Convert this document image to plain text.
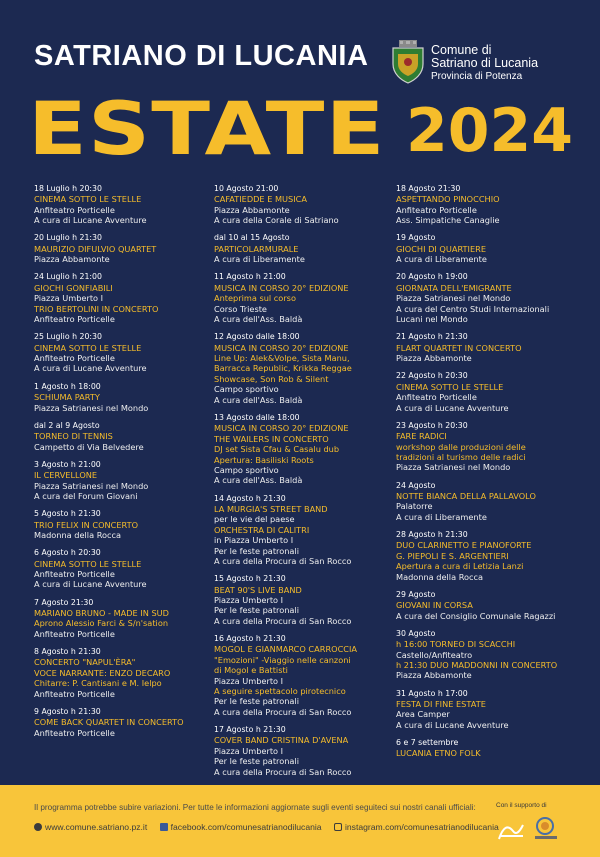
SATRIANO DI LUCANIA	Comune di
Satriano di Lucania
Provincia di Potenza
ESTATE 2024
18 Luglio h 20:30
CINEMA SOTTO LE STELLE
Anfiteatro Porticelle
A cura di Lucane Avventure
20 Luglio h 21:30
MAURIZIO DIFULVIO QUARTET
Piazza Abbamonte
24 Luglio h 21:00
GIOCHI GONFIABILI
Piazza Umberto I
TRIO BERTOLINI IN CONCERTO
Anfiteatro Porticelle
25 Luglio h 20:30
CINEMA SOTTO LE STELLE
Anfiteatro Porticelle
A cura di Lucane Avventure
1 Agosto h 18:00
SCHIUMA PARTY
Piazza Satrianesi nel Mondo
dal 2 al 9 Agosto
TORNEO DI TENNIS
Campetto di Via Belvedere
3 Agosto h 21:00
IL CERVELLONE
Piazza Satrianesi nel Mondo
A cura del Forum Giovani
5 Agosto h 21:30
TRIO FELIX IN CONCERTO
Madonna della Rocca
6 Agosto h 20:30
CINEMA SOTTO LE STELLE
Anfiteatro Porticelle
A cura di Lucane Avventure
7 Agosto 21:30
MARIANO BRUNO - MADE IN SUD
Aprono Alessio Farci & S/n'sation
Anfiteatro Porticelle
8 Agosto h 21:30
CONCERTO "NAPUL'ÈRA"
VOCE NARRANTE: ENZO DECARO
Chitarre: P. Cantisani e M. Ielpo
Anfiteatro Porticelle
9 Agosto h 21:30
COME BACK QUARTET IN CONCERTO
Anfiteatro Porticelle
10 Agosto 21:00
CAFATIEDDE E MUSICA
Piazza Abbamonte
A cura della Corale di Satriano
dal 10 al 15 Agosto
PARTICOLARMURALE
A cura di Liberamente
11 Agosto h 21:00
MUSICA IN CORSO 20° EDIZIONE
Anteprima sul corso
Corso Trieste
A cura dell'Ass. Baldà
12 Agosto dalle 18:00
MUSICA IN CORSO 20° EDIZIONE
Line Up: Alek&Volpe, Sista Manu,
Barracca Republic, Krikka Reggae
Showcase, Son Rob & Silent
Campo sportivo
A cura dell'Ass. Baldà
13 Agosto dalle 18:00
MUSICA IN CORSO 20° EDIZIONE
THE WAILERS IN CONCERTO
DJ set Sista Cfau & Casalu dub
Apertura: Basiliski Roots
Campo sportivo
A cura dell'Ass. Baldà
14 Agosto h 21:30
LA MURGIA'S STREET BAND
per le vie del paese
ORCHESTRA DI CALITRI
in Piazza Umberto I
Per le feste patronali
A cura della Procura di San Rocco
15 Agosto h 21:30
BEAT 90'S LIVE BAND
Piazza Umberto I
Per le feste patronali
A cura della Procura di San Rocco
16 Agosto h 21:30
MOGOL E GIANMARCO CARROCCIA
"Emozioni" -Viaggio nelle canzoni
di Mogol e Battisti
Piazza Umberto I
A seguire spettacolo pirotecnico
Per le feste patronali
A cura della Procura di San Rocco
17 Agosto h 21:30
COVER BAND CRISTINA D'AVENA
Piazza Umberto I
Per le feste patronali
A cura della Procura di San Rocco
18 Agosto 21:30
ASPETTANDO PINOCCHIO
Anfiteatro Porticelle
Ass. Simpatiche Canaglie
19 Agosto
GIOCHI DI QUARTIERE
A cura di Liberamente
20 Agosto h 19:00
GIORNATA DELL'EMIGRANTE
Piazza Satrianesi nel Mondo
A cura del Centro Studi Internazionali
Lucani nel Mondo
21 Agosto h 21:30
FLART QUARTET IN CONCERTO
Piazza Abbamonte
22 Agosto h 20:30
CINEMA SOTTO LE STELLE
Anfiteatro Porticelle
A cura di Lucane Avventure
23 Agosto h 20:30
FARE RADICI
workshop dalle produzioni delle
tradizioni al turismo delle radici
Piazza Satrianesi nel Mondo
24 Agosto
NOTTE BIANCA DELLA PALLAVOLO
Palatorre
A cura di Liberamente
28 Agosto h 21:30
DUO CLARINETTO E PIANOFORTE
G. PIEPOLI E S. ARGENTIERI
Apertura a cura di Letizia Lanzi
Madonna della Rocca
29 Agosto
GIOVANI IN CORSA
A cura del Consiglio Comunale Ragazzi
30 Agosto
h 16:00 TORNEO DI SCACCHI
Castello/Anfiteatro
h 21:30 DUO MADDONNI IN CONCERTO
Piazza Abbamonte
31 Agosto h 17:00
FESTA DI FINE ESTATE
Area Camper
A cura di Lucane Avventure
6 e 7 settembre
LUCANIA ETNO FOLK
Il programma potrebbe subire variazioni. Per tutte le informazioni aggiornate sugli eventi seguiteci sui nostri canali ufficiali:
www.comune.satriano.pz.it	facebook.com/comunesatrianodilucania	instagram.com/comunesatrianodilucania
Con il supporto di
